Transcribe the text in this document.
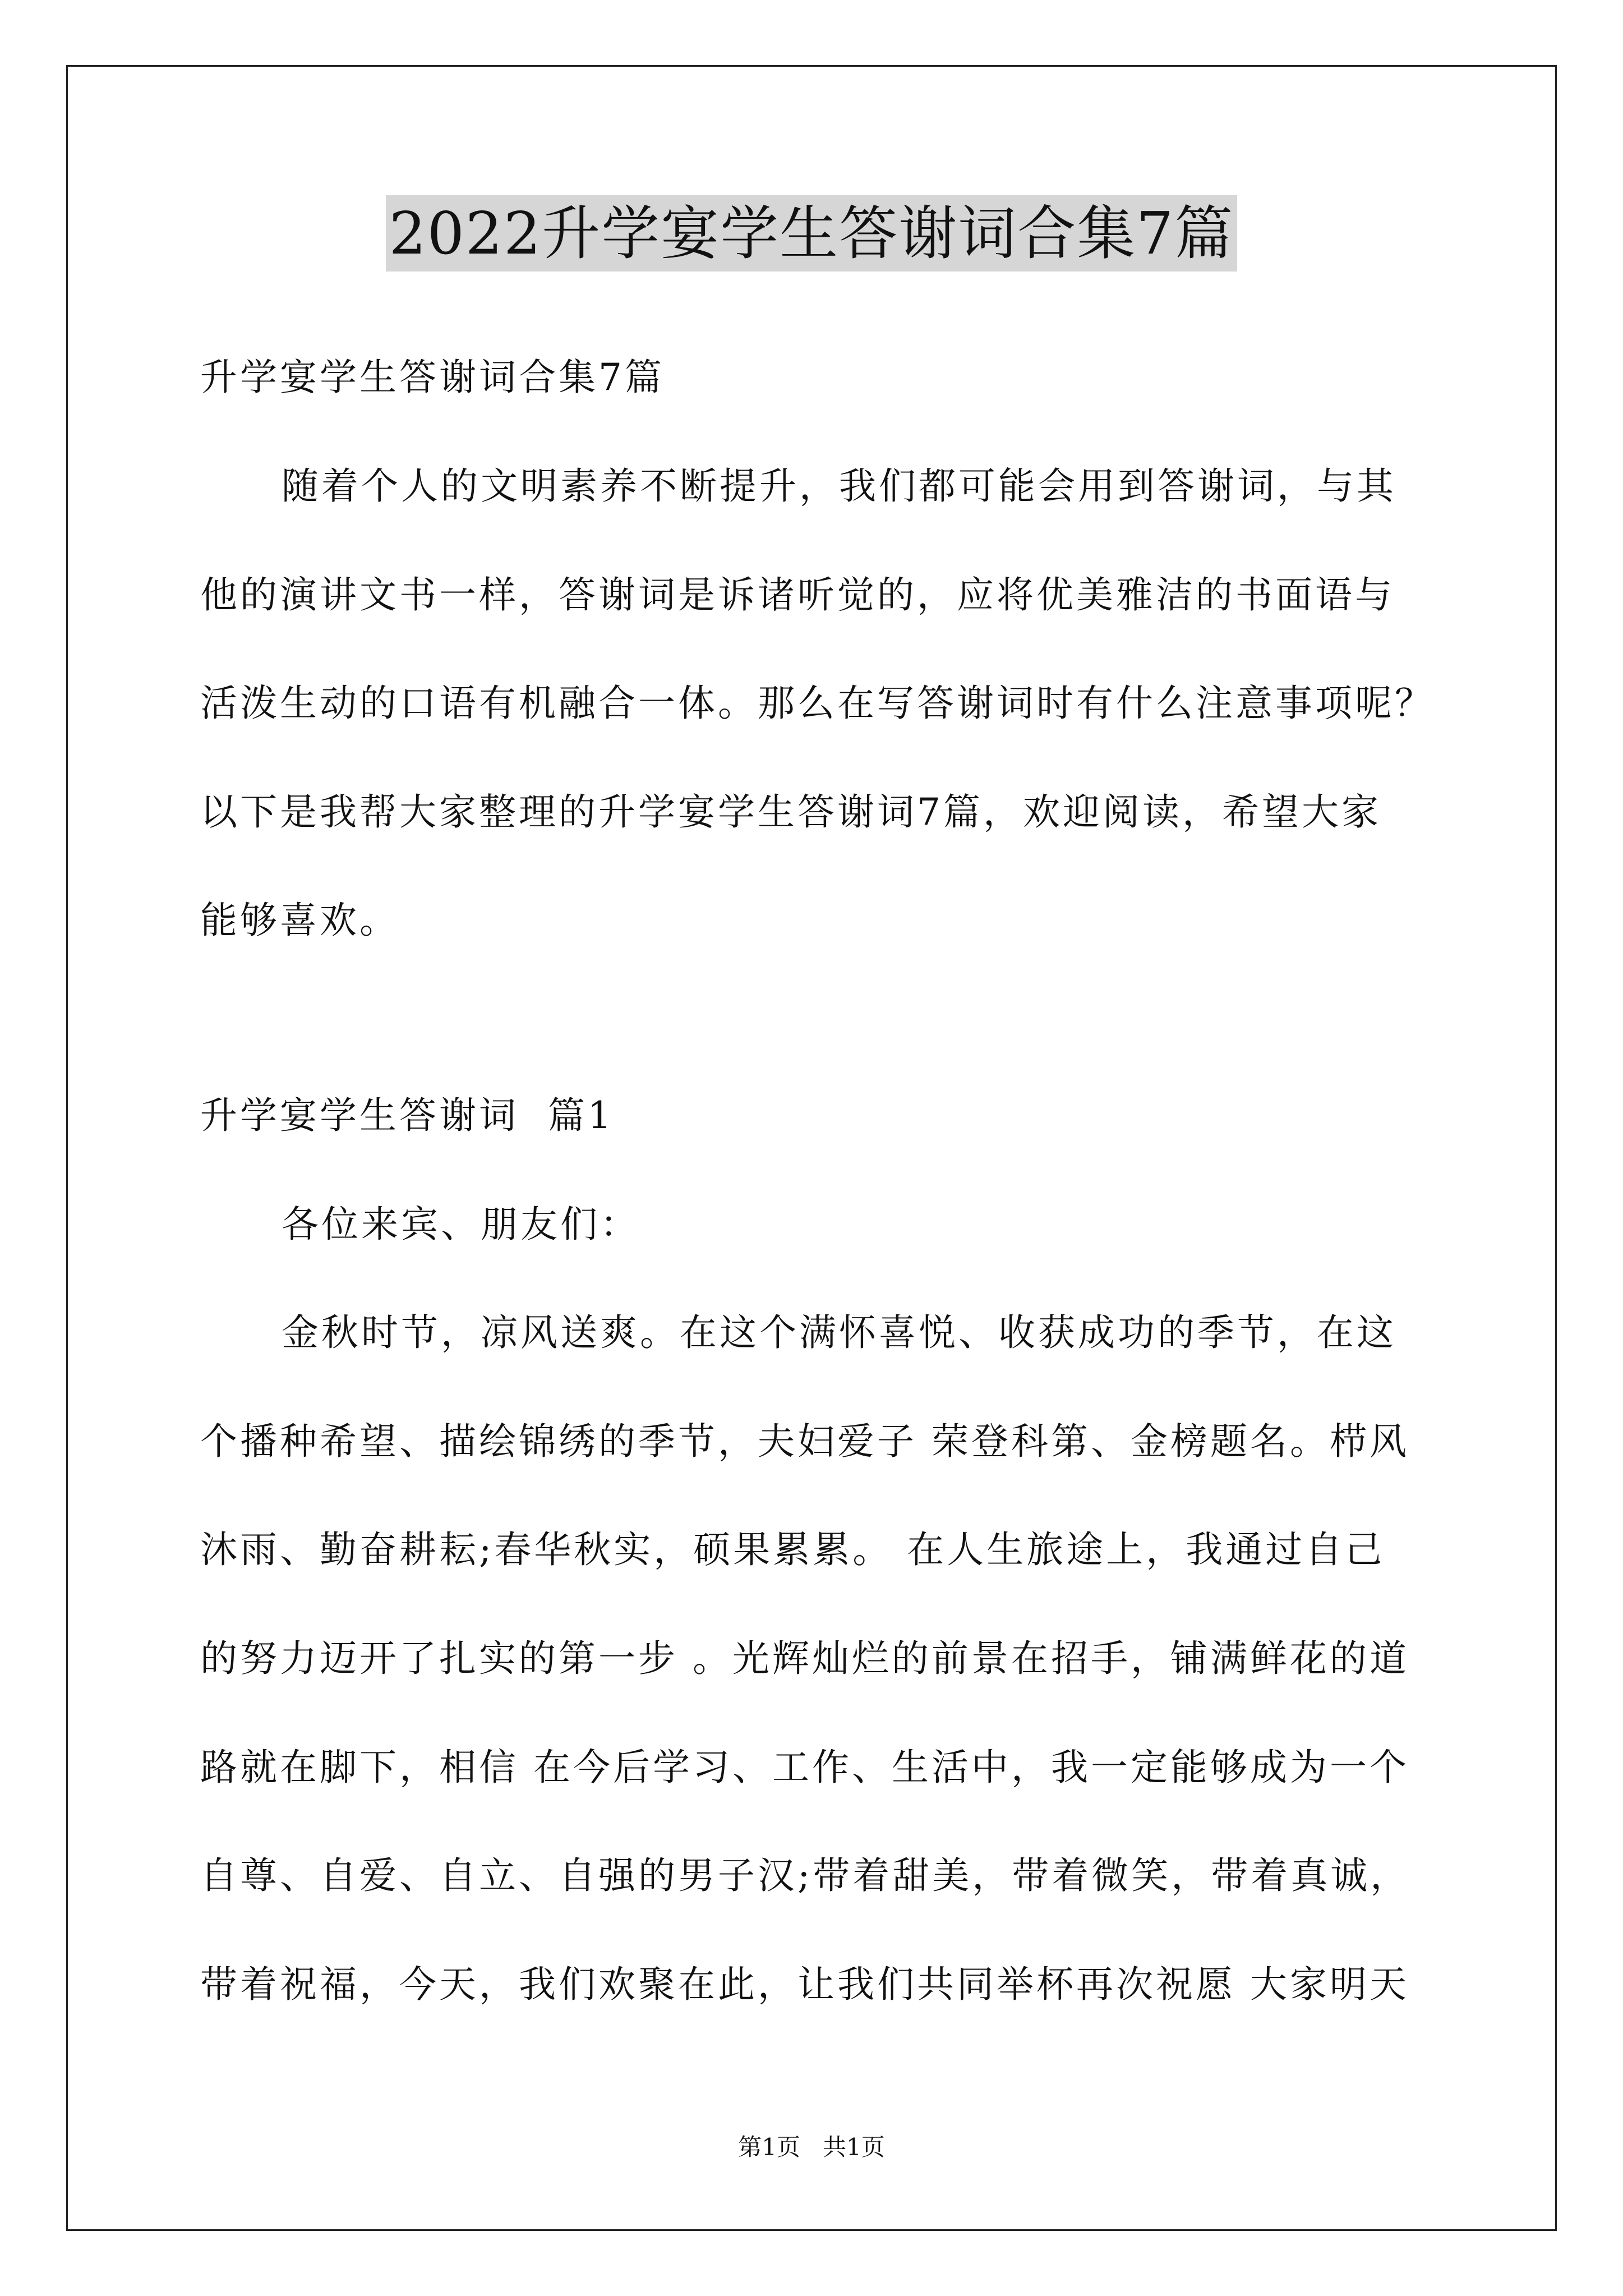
2022升学宴学生答谢词合集7篇
升学宴学生答谢词合集7篇
随着个人的文明素养不断提升，我们都可能会用到答谢词，与其
他的演讲文书一样，答谢词是诉诸听觉的，应将优美雅洁的书面语与
活泼生动的口语有机融合一体。那么在写答谢词时有什么注意事项呢？
以下是我帮大家整理的升学宴学生答谢词7篇，欢迎阅读，希望大家
能够喜欢。
升学宴学生答谢词  篇1
各位来宾、朋友们：
金秋时节，凉风送爽。在这个满怀喜悦、收获成功的季节，在这
个播种希望、描绘锦绣的季节，夫妇爱子 荣登科第、金榜题名。栉风
沐雨、勤奋耕耘;春华秋实，硕果累累。 在人生旅途上，我通过自己
的努力迈开了扎实的第一步 。光辉灿烂的前景在招手，铺满鲜花的道
路就在脚下，相信 在今后学习、工作、生活中，我一定能够成为一个
自尊、自爱、自立、自强的男子汉;带着甜美，带着微笑，带着真诚，
带着祝福，今天，我们欢聚在此，让我们共同举杯再次祝愿 大家明天
第1页   共1页
